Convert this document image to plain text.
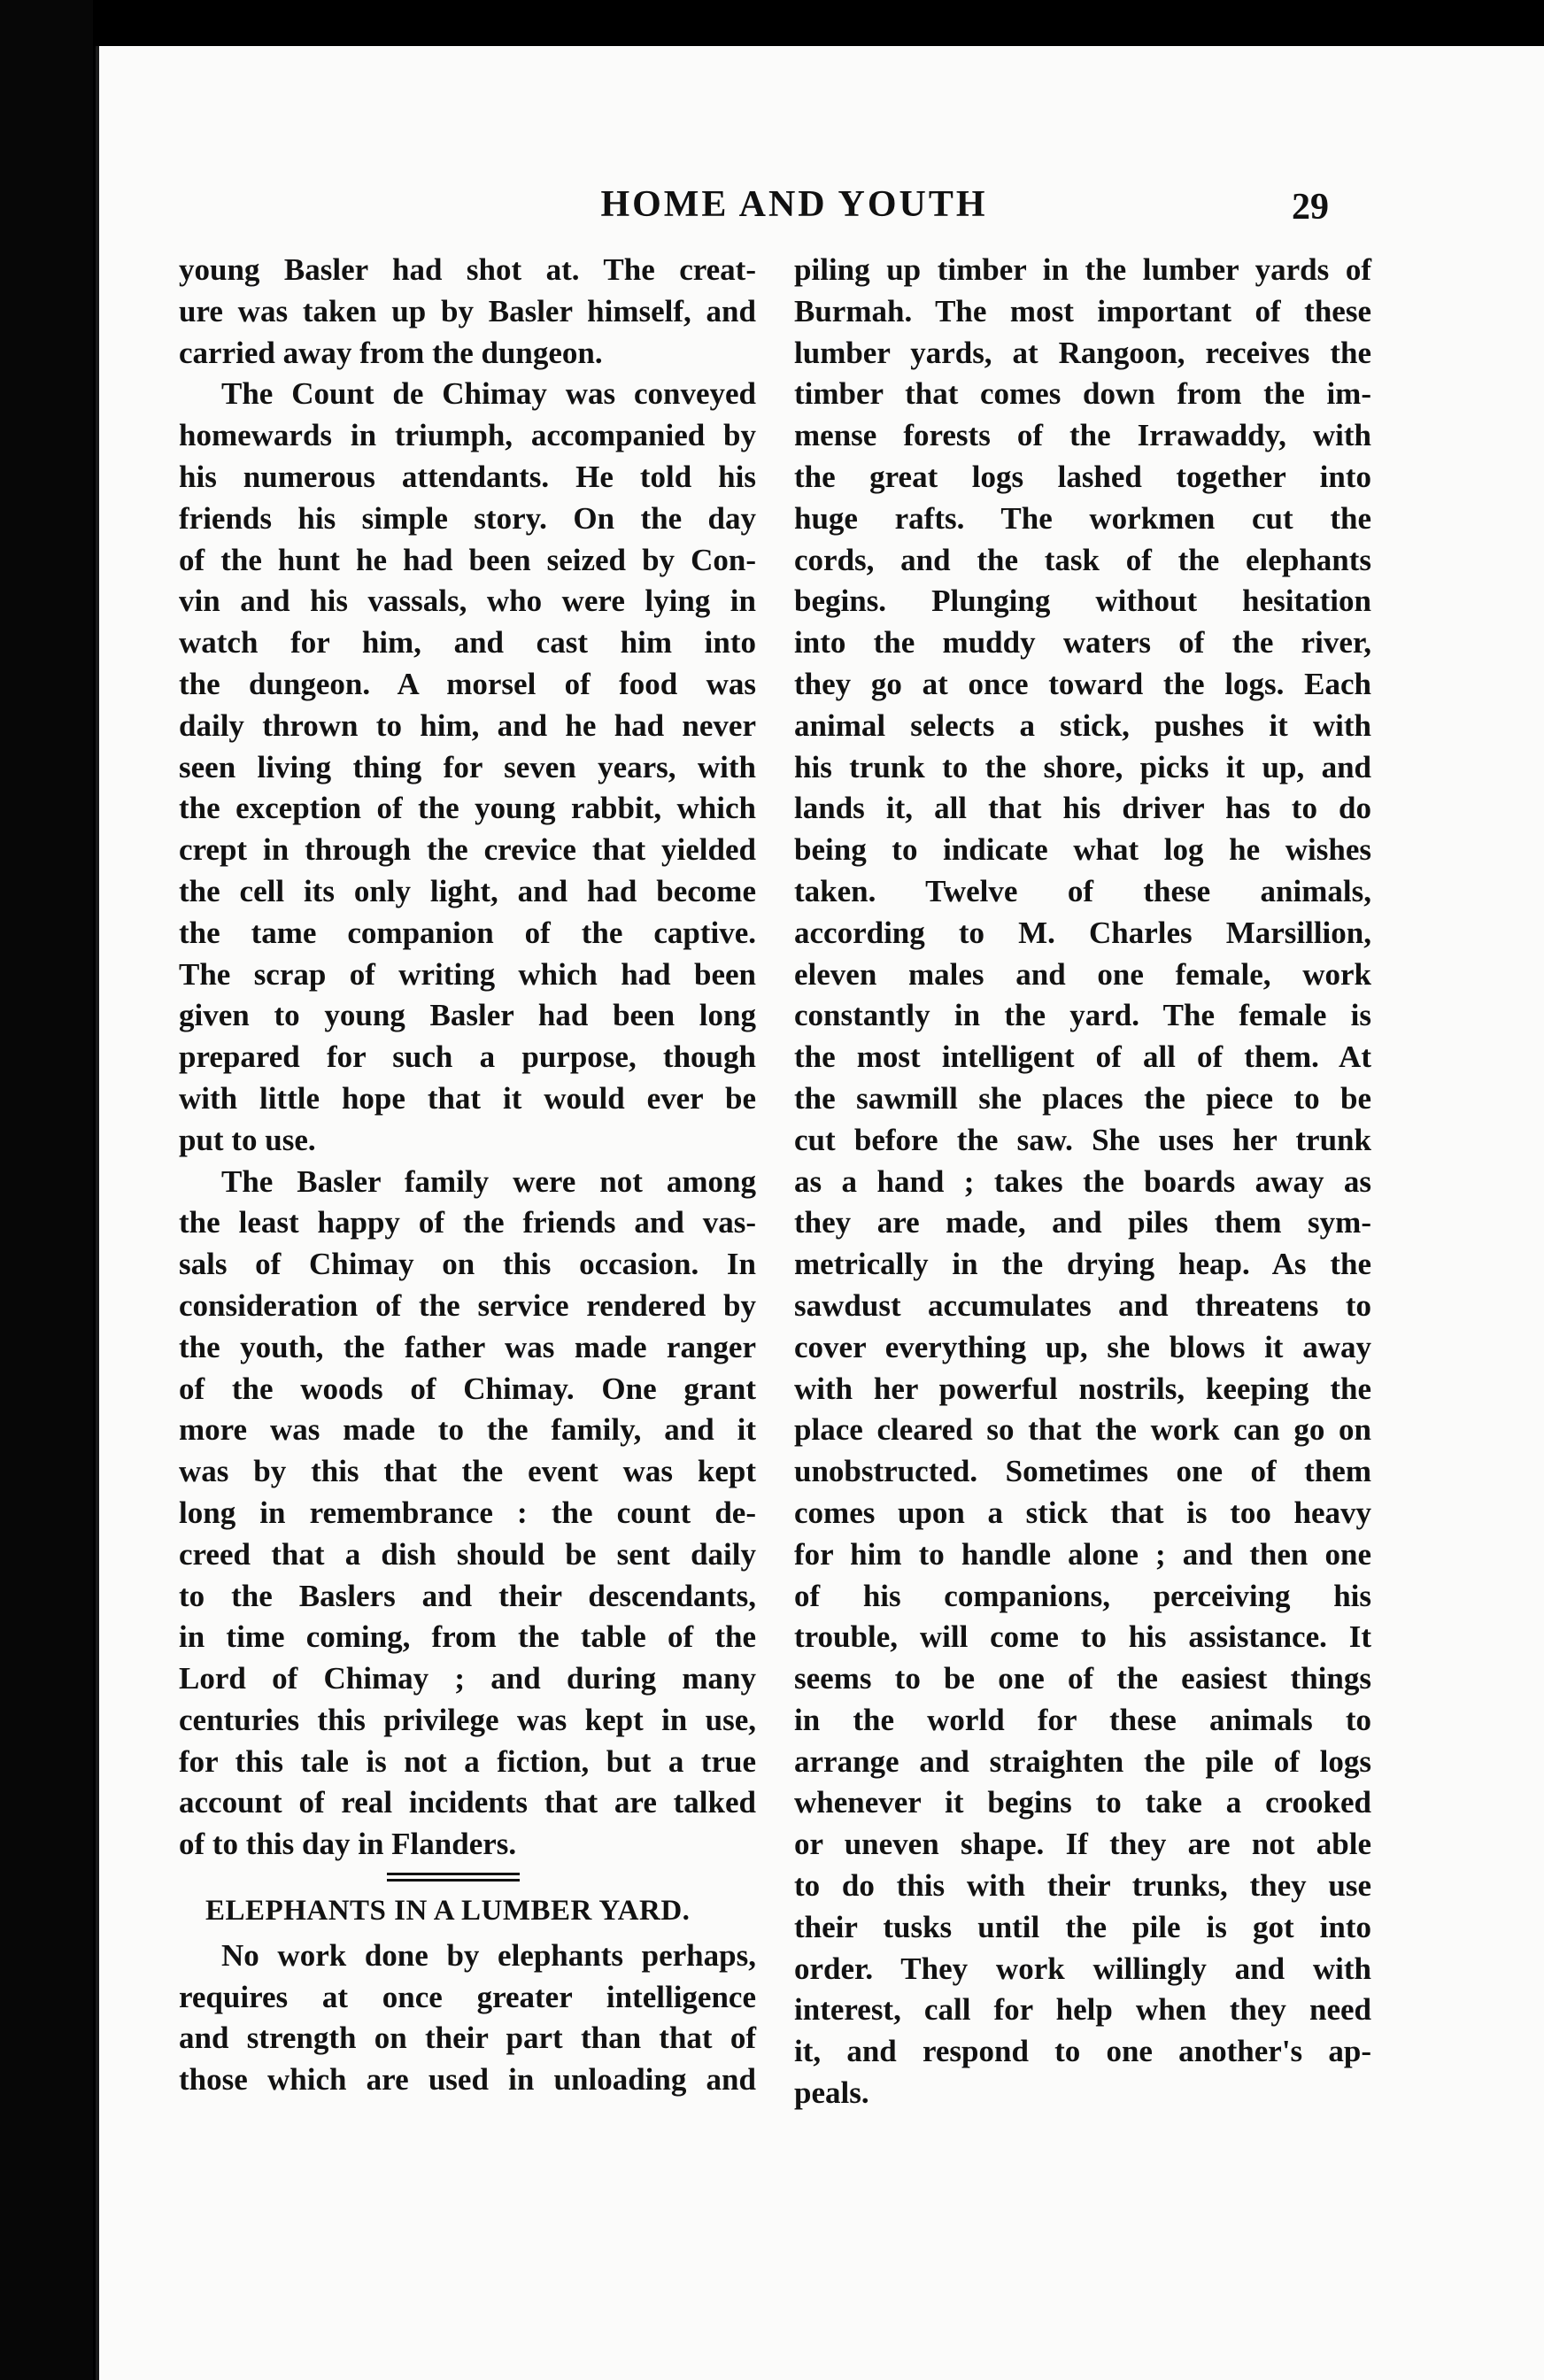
HOME AND YOUTH	29
young Basler had shot at. The creat-
ure was taken up by Basler himself, and
carried away from the dungeon.
The Count de Chimay was conveyed
homewards in triumph, accompanied by
his numerous attendants. He told his
friends his simple story. On the day
of the hunt he had been seized by Con-
vin and his vassals, who were lying in
watch for him, and cast him into
the dungeon. A morsel of food was
daily thrown to him, and he had never
seen living thing for seven years, with
the exception of the young rabbit, which
crept in through the crevice that yielded
the cell its only light, and had become
the tame companion of the captive.
The scrap of writing which had been
given to young Basler had been long
prepared for such a purpose, though
with little hope that it would ever be
put to use.
The Basler family were not among
the least happy of the friends and vas-
sals of Chimay on this occasion. In
consideration of the service rendered by
the youth, the father was made ranger
of the woods of Chimay. One grant
more was made to the family, and it
was by this that the event was kept
long in remembrance : the count de-
creed that a dish should be sent daily
to the Baslers and their descendants,
in time coming, from the table of the
Lord of Chimay ; and during many
centuries this privilege was kept in use,
for this tale is not a fiction, but a true
account of real incidents that are talked
of to this day in Flanders.
ELEPHANTS IN A LUMBER YARD.
No work done by elephants perhaps,
requires at once greater intelligence
and strength on their part than that of
those which are used in unloading and
piling up timber in the lumber yards of
Burmah. The most important of these
lumber yards, at Rangoon, receives the
timber that comes down from the im-
mense forests of the Irrawaddy, with
the great logs lashed together into
huge rafts. The workmen cut the
cords, and the task of the elephants
begins. Plunging without hesitation
into the muddy waters of the river,
they go at once toward the logs. Each
animal selects a stick, pushes it with
his trunk to the shore, picks it up, and
lands it, all that his driver has to do
being to indicate what log he wishes
taken. Twelve of these animals,
according to M. Charles Marsillion,
eleven males and one female, work
constantly in the yard. The female is
the most intelligent of all of them. At
the sawmill she places the piece to be
cut before the saw. She uses her trunk
as a hand ; takes the boards away as
they are made, and piles them sym-
metrically in the drying heap. As the
sawdust accumulates and threatens to
cover everything up, she blows it away
with her powerful nostrils, keeping the
place cleared so that the work can go on
unobstructed. Sometimes one of them
comes upon a stick that is too heavy
for him to handle alone ; and then one
of his companions, perceiving his
trouble, will come to his assistance. It
seems to be one of the easiest things
in the world for these animals to
arrange and straighten the pile of logs
whenever it begins to take a crooked
or uneven shape. If they are not able
to do this with their trunks, they use
their tusks until the pile is got into
order. They work willingly and with
interest, call for help when they need
it, and respond to one another's ap-
peals.
